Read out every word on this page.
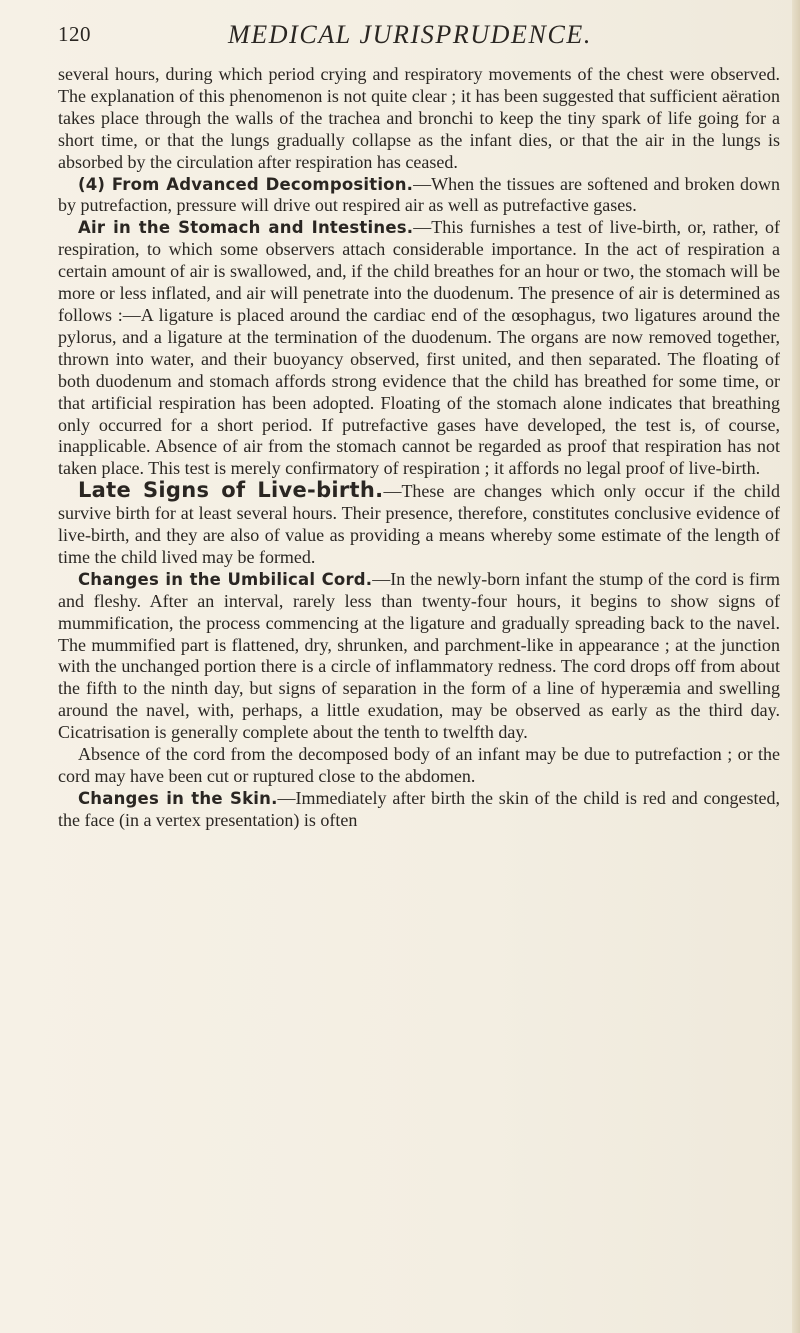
120	MEDICAL JURISPRUDENCE.

several hours, during which period crying and respiratory movements of the chest were observed. The explanation of this phenomenon is not quite clear ; it has been suggested that sufficient aëration takes place through the walls of the trachea and bronchi to keep the tiny spark of life going for a short time, or that the lungs gradually collapse as the infant dies, or that the air in the lungs is absorbed by the circulation after respiration has ceased.

(4) From Advanced Decomposition.—When the tissues are softened and broken down by putrefaction, pressure will drive out respired air as well as putrefactive gases.

Air in the Stomach and Intestines.—This furnishes a test of live-birth, or, rather, of respiration, to which some observers attach considerable importance. In the act of respiration a certain amount of air is swallowed, and, if the child breathes for an hour or two, the stomach will be more or less inflated, and air will penetrate into the duodenum. The presence of air is determined as follows :—A ligature is placed around the cardiac end of the œsophagus, two ligatures around the pylorus, and a ligature at the termination of the duodenum. The organs are now removed together, thrown into water, and their buoyancy observed, first united, and then separated. The floating of both duodenum and stomach affords strong evidence that the child has breathed for some time, or that artificial respiration has been adopted. Floating of the stomach alone indicates that breathing only occurred for a short period. If putrefactive gases have developed, the test is, of course, inapplicable. Absence of air from the stomach cannot be regarded as proof that respiration has not taken place. This test is merely confirmatory of respiration ; it affords no legal proof of live-birth.

Late Signs of Live-birth.—These are changes which only occur if the child survive birth for at least several hours. Their presence, therefore, constitutes conclusive evidence of live-birth, and they are also of value as providing a means whereby some estimate of the length of time the child lived may be formed.

Changes in the Umbilical Cord.—In the newly-born infant the stump of the cord is firm and fleshy. After an interval, rarely less than twenty-four hours, it begins to show signs of mummification, the process commencing at the ligature and gradually spreading back to the navel. The mummified part is flattened, dry, shrunken, and parchment-like in appearance ; at the junction with the unchanged portion there is a circle of inflammatory redness. The cord drops off from about the fifth to the ninth day, but signs of separation in the form of a line of hyperæmia and swelling around the navel, with, perhaps, a little exudation, may be observed as early as the third day. Cicatrisation is generally complete about the tenth to twelfth day.

Absence of the cord from the decomposed body of an infant may be due to putrefaction ; or the cord may have been cut or ruptured close to the abdomen.

Changes in the Skin.—Immediately after birth the skin of the child is red and congested, the face (in a vertex presentation) is often
